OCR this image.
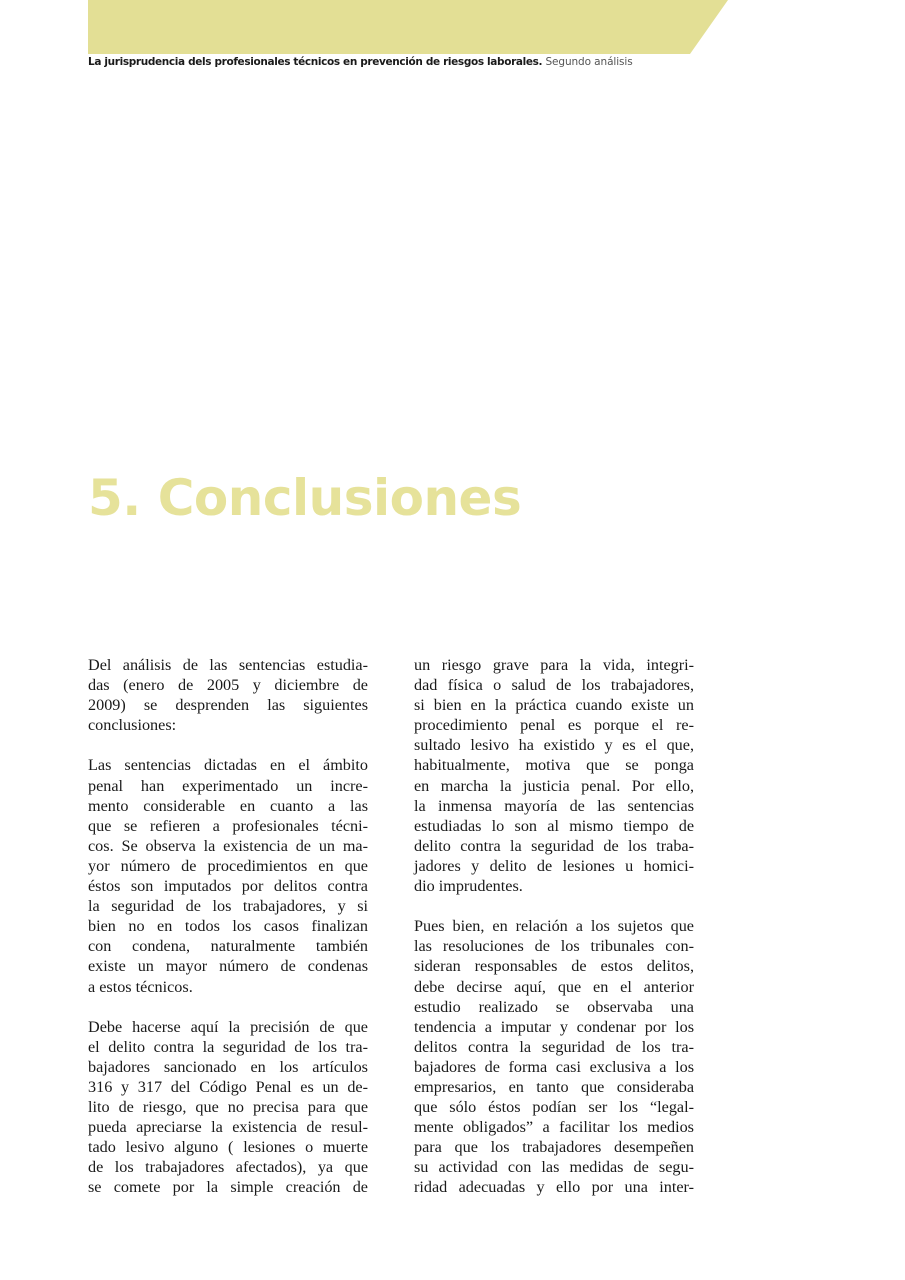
La jurisprudencia dels profesionales técnicos en prevención de riesgos laborales. Segundo análisis
5. Conclusiones
Del análisis de las sentencias estudia-
das (enero de 2005 y diciembre de
2009) se desprenden las siguientes
conclusiones:
Las sentencias dictadas en el ámbito
penal han experimentado un incre-
mento considerable en cuanto a las
que se refieren a profesionales técni-
cos. Se observa la existencia de un ma-
yor número de procedimientos en que
éstos son imputados por delitos contra
la seguridad de los trabajadores, y si
bien no en todos los casos finalizan
con condena, naturalmente también
existe un mayor número de condenas
a estos técnicos.
Debe hacerse aquí la precisión de que
el delito contra la seguridad de los tra-
bajadores sancionado en los artículos
316 y 317 del Código Penal es un de-
lito de riesgo, que no precisa para que
pueda apreciarse la existencia de resul-
tado lesivo alguno ( lesiones o muerte
de los trabajadores afectados), ya que
se comete por la simple creación de
un riesgo grave para la vida, integri-
dad física o salud de los trabajadores,
si bien en la práctica cuando existe un
procedimiento penal es porque el re-
sultado lesivo ha existido y es el que,
habitualmente, motiva que se ponga
en marcha la justicia penal. Por ello,
la inmensa mayoría de las sentencias
estudiadas lo son al mismo tiempo de
delito contra la seguridad de los traba-
jadores y delito de lesiones u homici-
dio imprudentes.
Pues bien, en relación a los sujetos que
las resoluciones de los tribunales con-
sideran responsables de estos delitos,
debe decirse aquí, que en el anterior
estudio realizado se observaba una
tendencia a imputar y condenar por los
delitos contra la seguridad de los tra-
bajadores de forma casi exclusiva a los
empresarios, en tanto que consideraba
que sólo éstos podían ser los “legal-
mente obligados” a facilitar los medios
para que los trabajadores desempeñen
su actividad con las medidas de segu-
ridad adecuadas y ello por una inter-
